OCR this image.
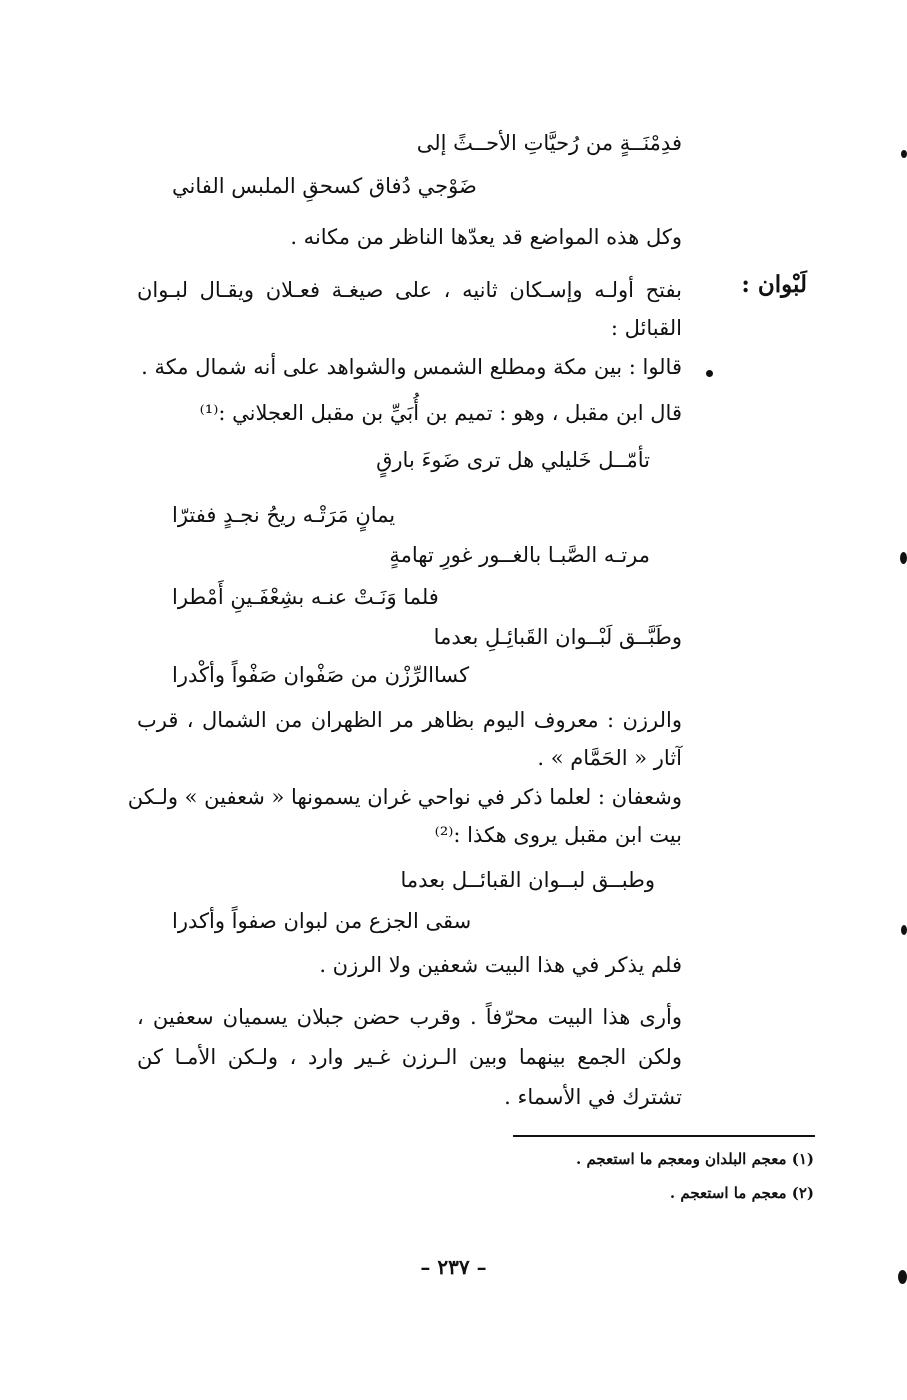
فدِمْنَــةٍ من رُحيَّاتِ الأحــثً إلى
ضَوْجي دُفاق كسحقِ الملبس الفاني
وكل هذه المواضع قد يعدّها الناظر من مكانه .
لَبْوان :
بفتح أولـه وإسـكان ثانيه ، على صيغـة فعـلان ويقـال لبـوان
القبائل :
قالوا : بين مكة ومطلع الشمس والشواهد على أنه شمال مكة .
قال ابن مقبل ، وهو : تميم بن أُبَيِّ بن مقبل العجلاني :⁽¹⁾
تأمّــل خَليلي هل ترى ضَوءَ بارقٍ
يمانٍ مَرَتْـه ريحُ نجـدٍ ففترّا
مرتـه الصَّبـا بالغــور غورِ تهامةٍ
فلما وَنَـتْ عنـه بشِعْفَـينِ أَمْطرا
وطَبَّــق لَبْــوان القَبائِـلِ بعدما
كساالرِّزْن من صَفْوان صَفْواً وأكْدرا
والرزن : معروف اليوم بظاهر مر الظهران من الشمال ، قرب
آثار « الحَمَّام » .
وشعفان : لعلما ذكر في نواحي غران يسمونها « شعفين » ولـكن
بيت ابن مقبل يروى هكذا :⁽²⁾
وطبــق لبــوان القبائــل بعدما
سقى الجزع من لبوان صفواً وأكدرا
فلم يذكر في هذا البيت شعفين ولا الرزن .
وأرى هذا البيت محرّفاً . وقرب حضن جبلان يسميان سعفين ،
ولكن الجمع بينهما وبين الـرزن غـير وارد ، ولـكن الأمـا كن
تشترك في الأسماء .
(١) معجم البلدان ومعجم ما استعجم .
(٢) معجم ما استعجم .
– ٢٣٧ –
